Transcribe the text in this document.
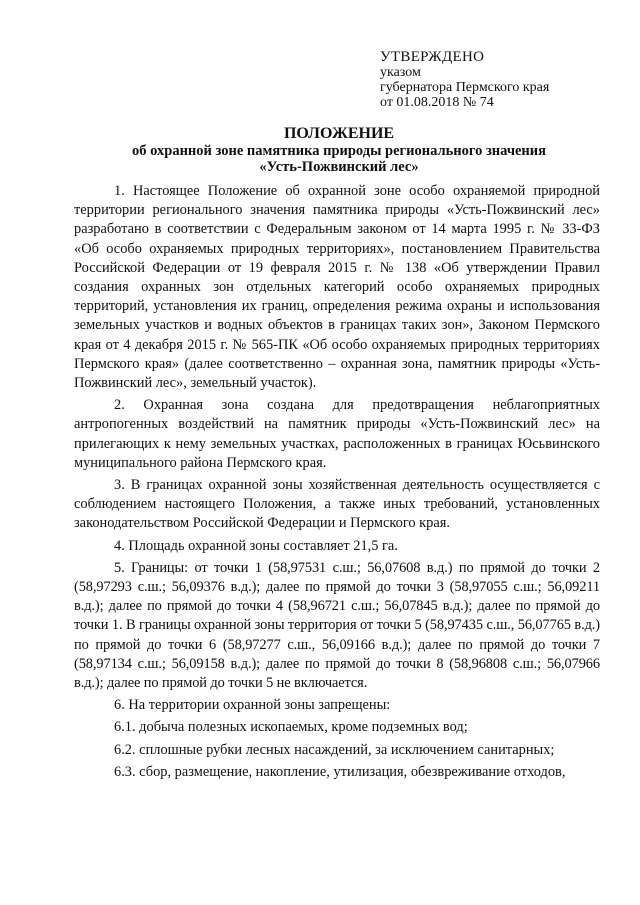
УТВЕРЖДЕНО
указом
губернатора Пермского края
от 01.08.2018 № 74
ПОЛОЖЕНИЕ
об охранной зоне памятника природы регионального значения
«Усть-Пожвинский лес»

1. Настоящее Положение об охранной зоне особо охраняемой природной территории регионального значения памятника природы «Усть-Пожвинский лес» разработано в соответствии с Федеральным законом от 14 марта 1995 г. № 33-ФЗ «Об особо охраняемых природных территориях», постановлением Правительства Российской Федерации от 19 февраля 2015 г. № 138 «Об утверждении Правил создания охранных зон отдельных категорий особо охраняемых природных территорий, установления их границ, определения режима охраны и использования земельных участков и водных объектов в границах таких зон», Законом Пермского края от 4 декабря 2015 г. № 565-ПК «Об особо охраняемых природных территориях Пермского края» (далее соответственно – охранная зона, памятник природы «Усть-Пожвинский лес», земельный участок).

2. Охранная зона создана для предотвращения неблагоприятных антропогенных воздействий на памятник природы «Усть-Пожвинский лес» на прилегающих к нему земельных участках, расположенных в границах Юсьвинского муниципального района Пермского края.

3. В границах охранной зоны хозяйственная деятельность осуществляется с соблюдением настоящего Положения, а также иных требований, установленных законодательством Российской Федерации и Пермского края.

4. Площадь охранной зоны составляет 21,5 га.

5. Границы: от точки 1 (58,97531 с.ш.; 56,07608 в.д.) по прямой до точки 2 (58,97293 с.ш.; 56,09376 в.д.); далее по прямой до точки 3 (58,97055 с.ш.; 56,09211 в.д.); далее по прямой до точки 4 (58,96721 с.ш.; 56,07845 в.д.); далее по прямой до точки 1. В границы охранной зоны территория от точки 5 (58,97435 с.ш., 56,07765 в.д.) по прямой до точки 6 (58,97277 с.ш., 56,09166 в.д.); далее по прямой до точки 7 (58,97134 с.ш.; 56,09158 в.д.); далее по прямой до точки 8 (58,96808 с.ш.; 56,07966 в.д.); далее по прямой до точки 5 не включается.

6. На территории охранной зоны запрещены:

6.1. добыча полезных ископаемых, кроме подземных вод;

6.2. сплошные рубки лесных насаждений, за исключением санитарных;

6.3. сбор, размещение, накопление, утилизация, обезвреживание отходов,
